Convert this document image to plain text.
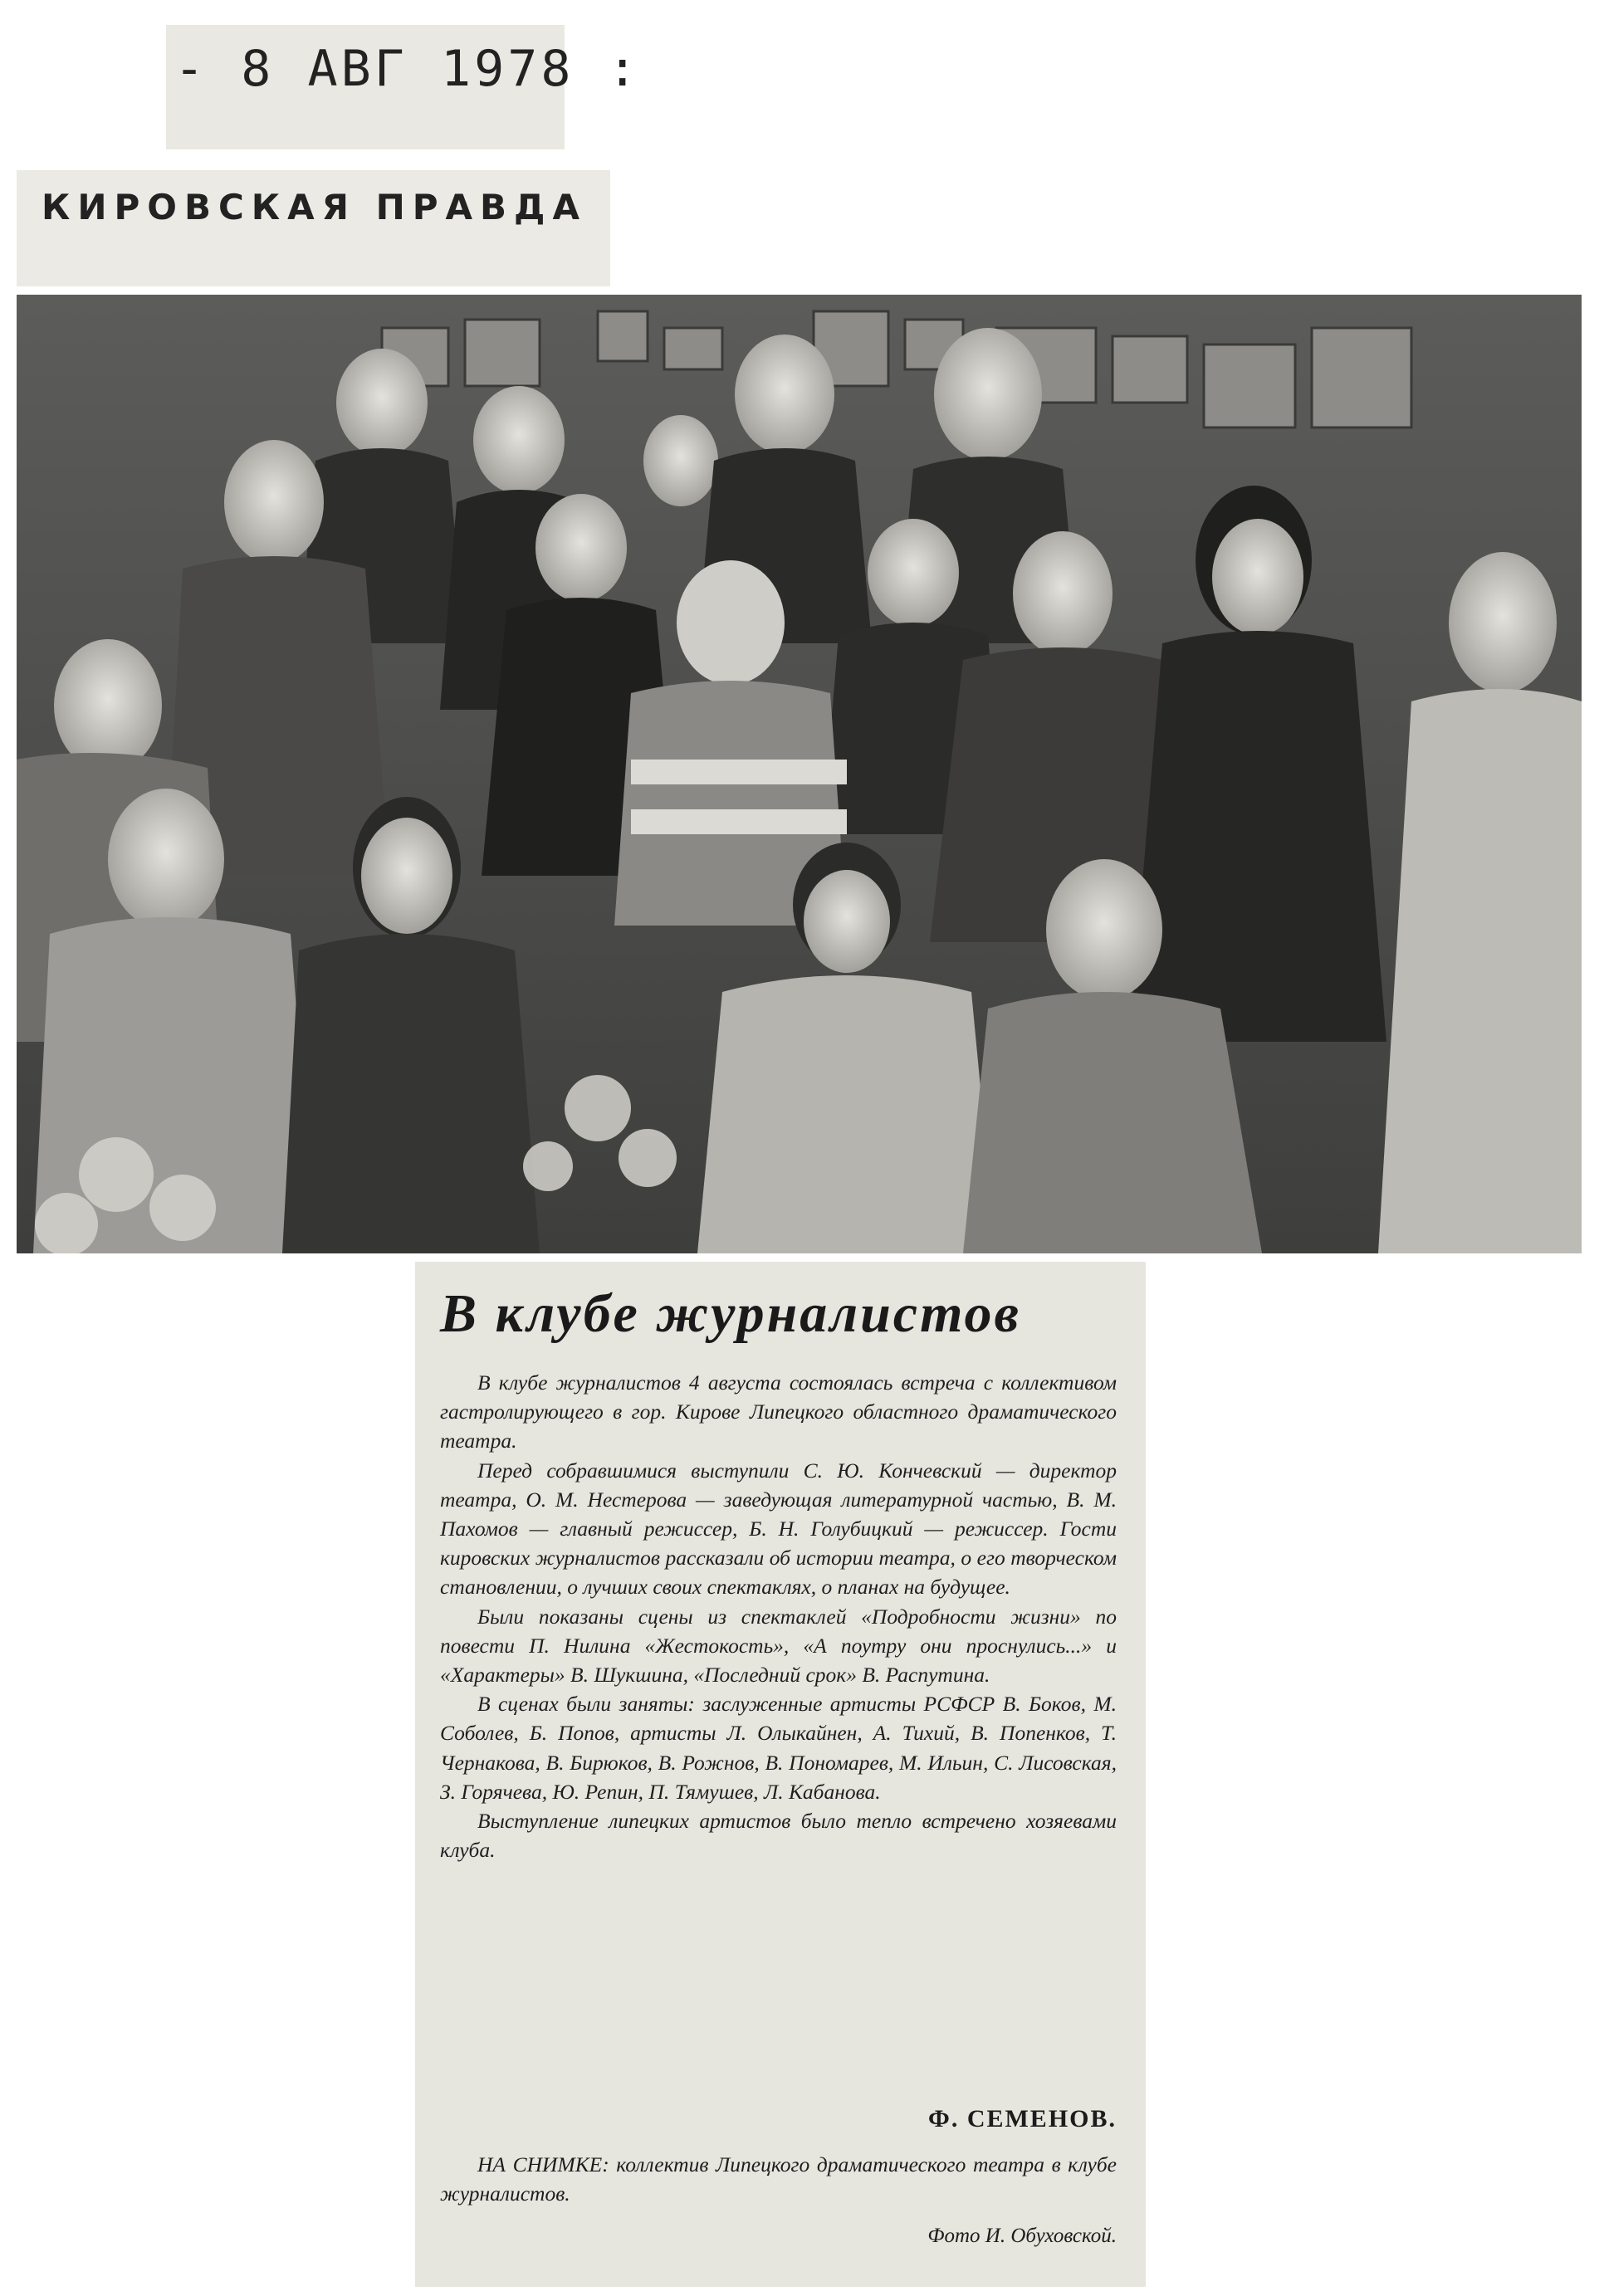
- 8 АВГ 1978 :
КИРОВСКАЯ ПРАВДА
В клубе журналистов

В клубе журналистов 4 августа состоялась встреча с коллективом гастролирующего в гор. Кирове Липецкого областного драматического театра.

Перед собравшимися выступили С. Ю. Кончевский — директор театра, О. М. Нестерова — заведующая литературной частью, В. М. Пахомов — главный режиссер, Б. Н. Голубицкий — режиссер. Гости кировских журналистов рассказали об истории театра, о его творческом становлении, о лучших своих спектаклях, о планах на будущее.

Были показаны сцены из спектаклей «Подробности жизни» по повести П. Нилина «Жестокость», «А поутру они проснулись...» и «Характеры» В. Шукшина, «Последний срок» В. Распутина.

В сценах были заняты: заслуженные артисты РСФСР В. Боков, М. Соболев, Б. Попов, артисты Л. Олыкайнен, А. Тихий, В. Попенков, Т. Чернакова, В. Бирюков, В. Рожнов, В. Пономарев, М. Ильин, С. Лисовская, З. Горячева, Ю. Репин, П. Тямушев, Л. Кабанова.

Выступление липецких артистов было тепло встречено хозяевами клуба.

Ф. СЕМЕНОВ.
НА СНИМКЕ: коллектив Липецкого драматического театра в клубе журналистов.
Фото И. Обуховской.
